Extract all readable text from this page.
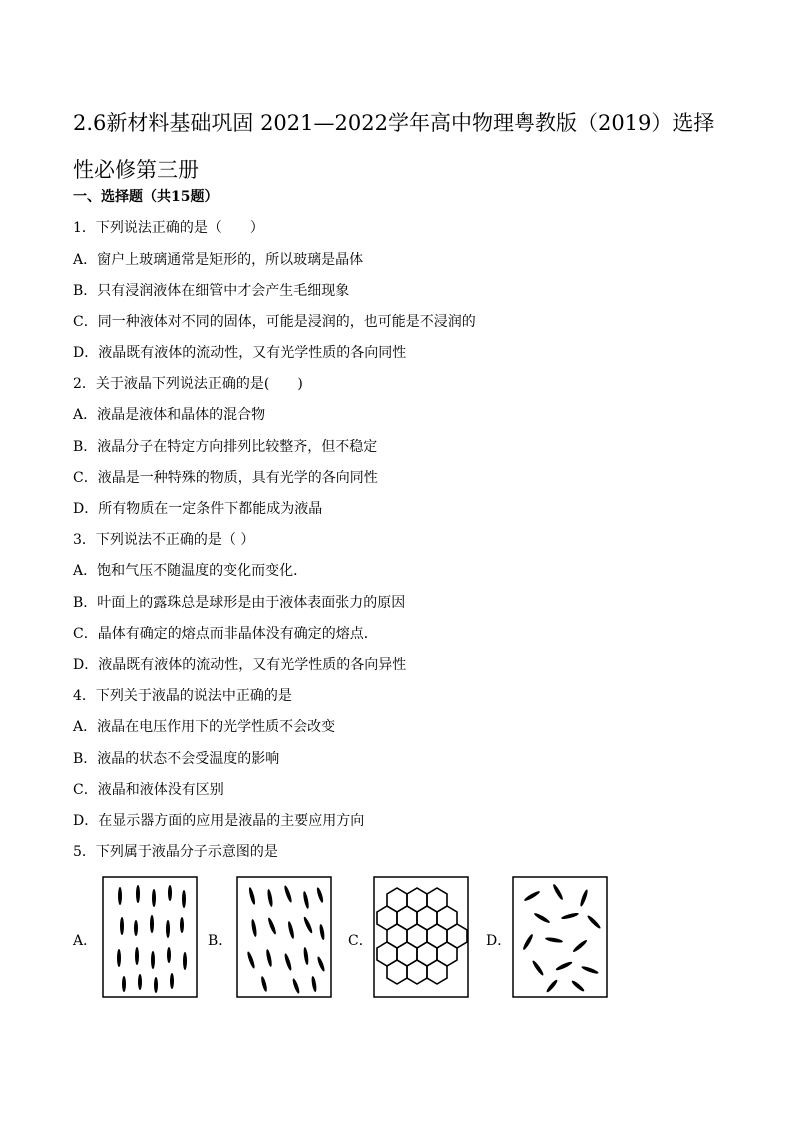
2.6新材料基础巩固 2021—2022学年高中物理粤教版（2019）选择性必修第三册
一、选择题（共15题）
1．下列说法正确的是（　　）
A．窗户上玻璃通常是矩形的，所以玻璃是晶体
B．只有浸润液体在细管中才会产生毛细现象
C．同一种液体对不同的固体，可能是浸润的，也可能是不浸润的
D．液晶既有液体的流动性，又有光学性质的各向同性
2．关于液晶下列说法正确的是(　　)
A．液晶是液体和晶体的混合物
B．液晶分子在特定方向排列比较整齐，但不稳定
C．液晶是一种特殊的物质，具有光学的各向同性
D．所有物质在一定条件下都能成为液晶
3．下列说法不正确的是（ ）
A．饱和气压不随温度的变化而变化．
B．叶面上的露珠总是球形是由于液体表面张力的原因
C．晶体有确定的熔点而非晶体没有确定的熔点．
D．液晶既有液体的流动性，又有光学性质的各向异性
4．下列关于液晶的说法中正确的是
A．液晶在电压作用下的光学性质不会改变
B．液晶的状态不会受温度的影响
C．液晶和液体没有区别
D．在显示器方面的应用是液晶的主要应用方向
5．下列属于液晶分子示意图的是
A．	B．	C．	D．
